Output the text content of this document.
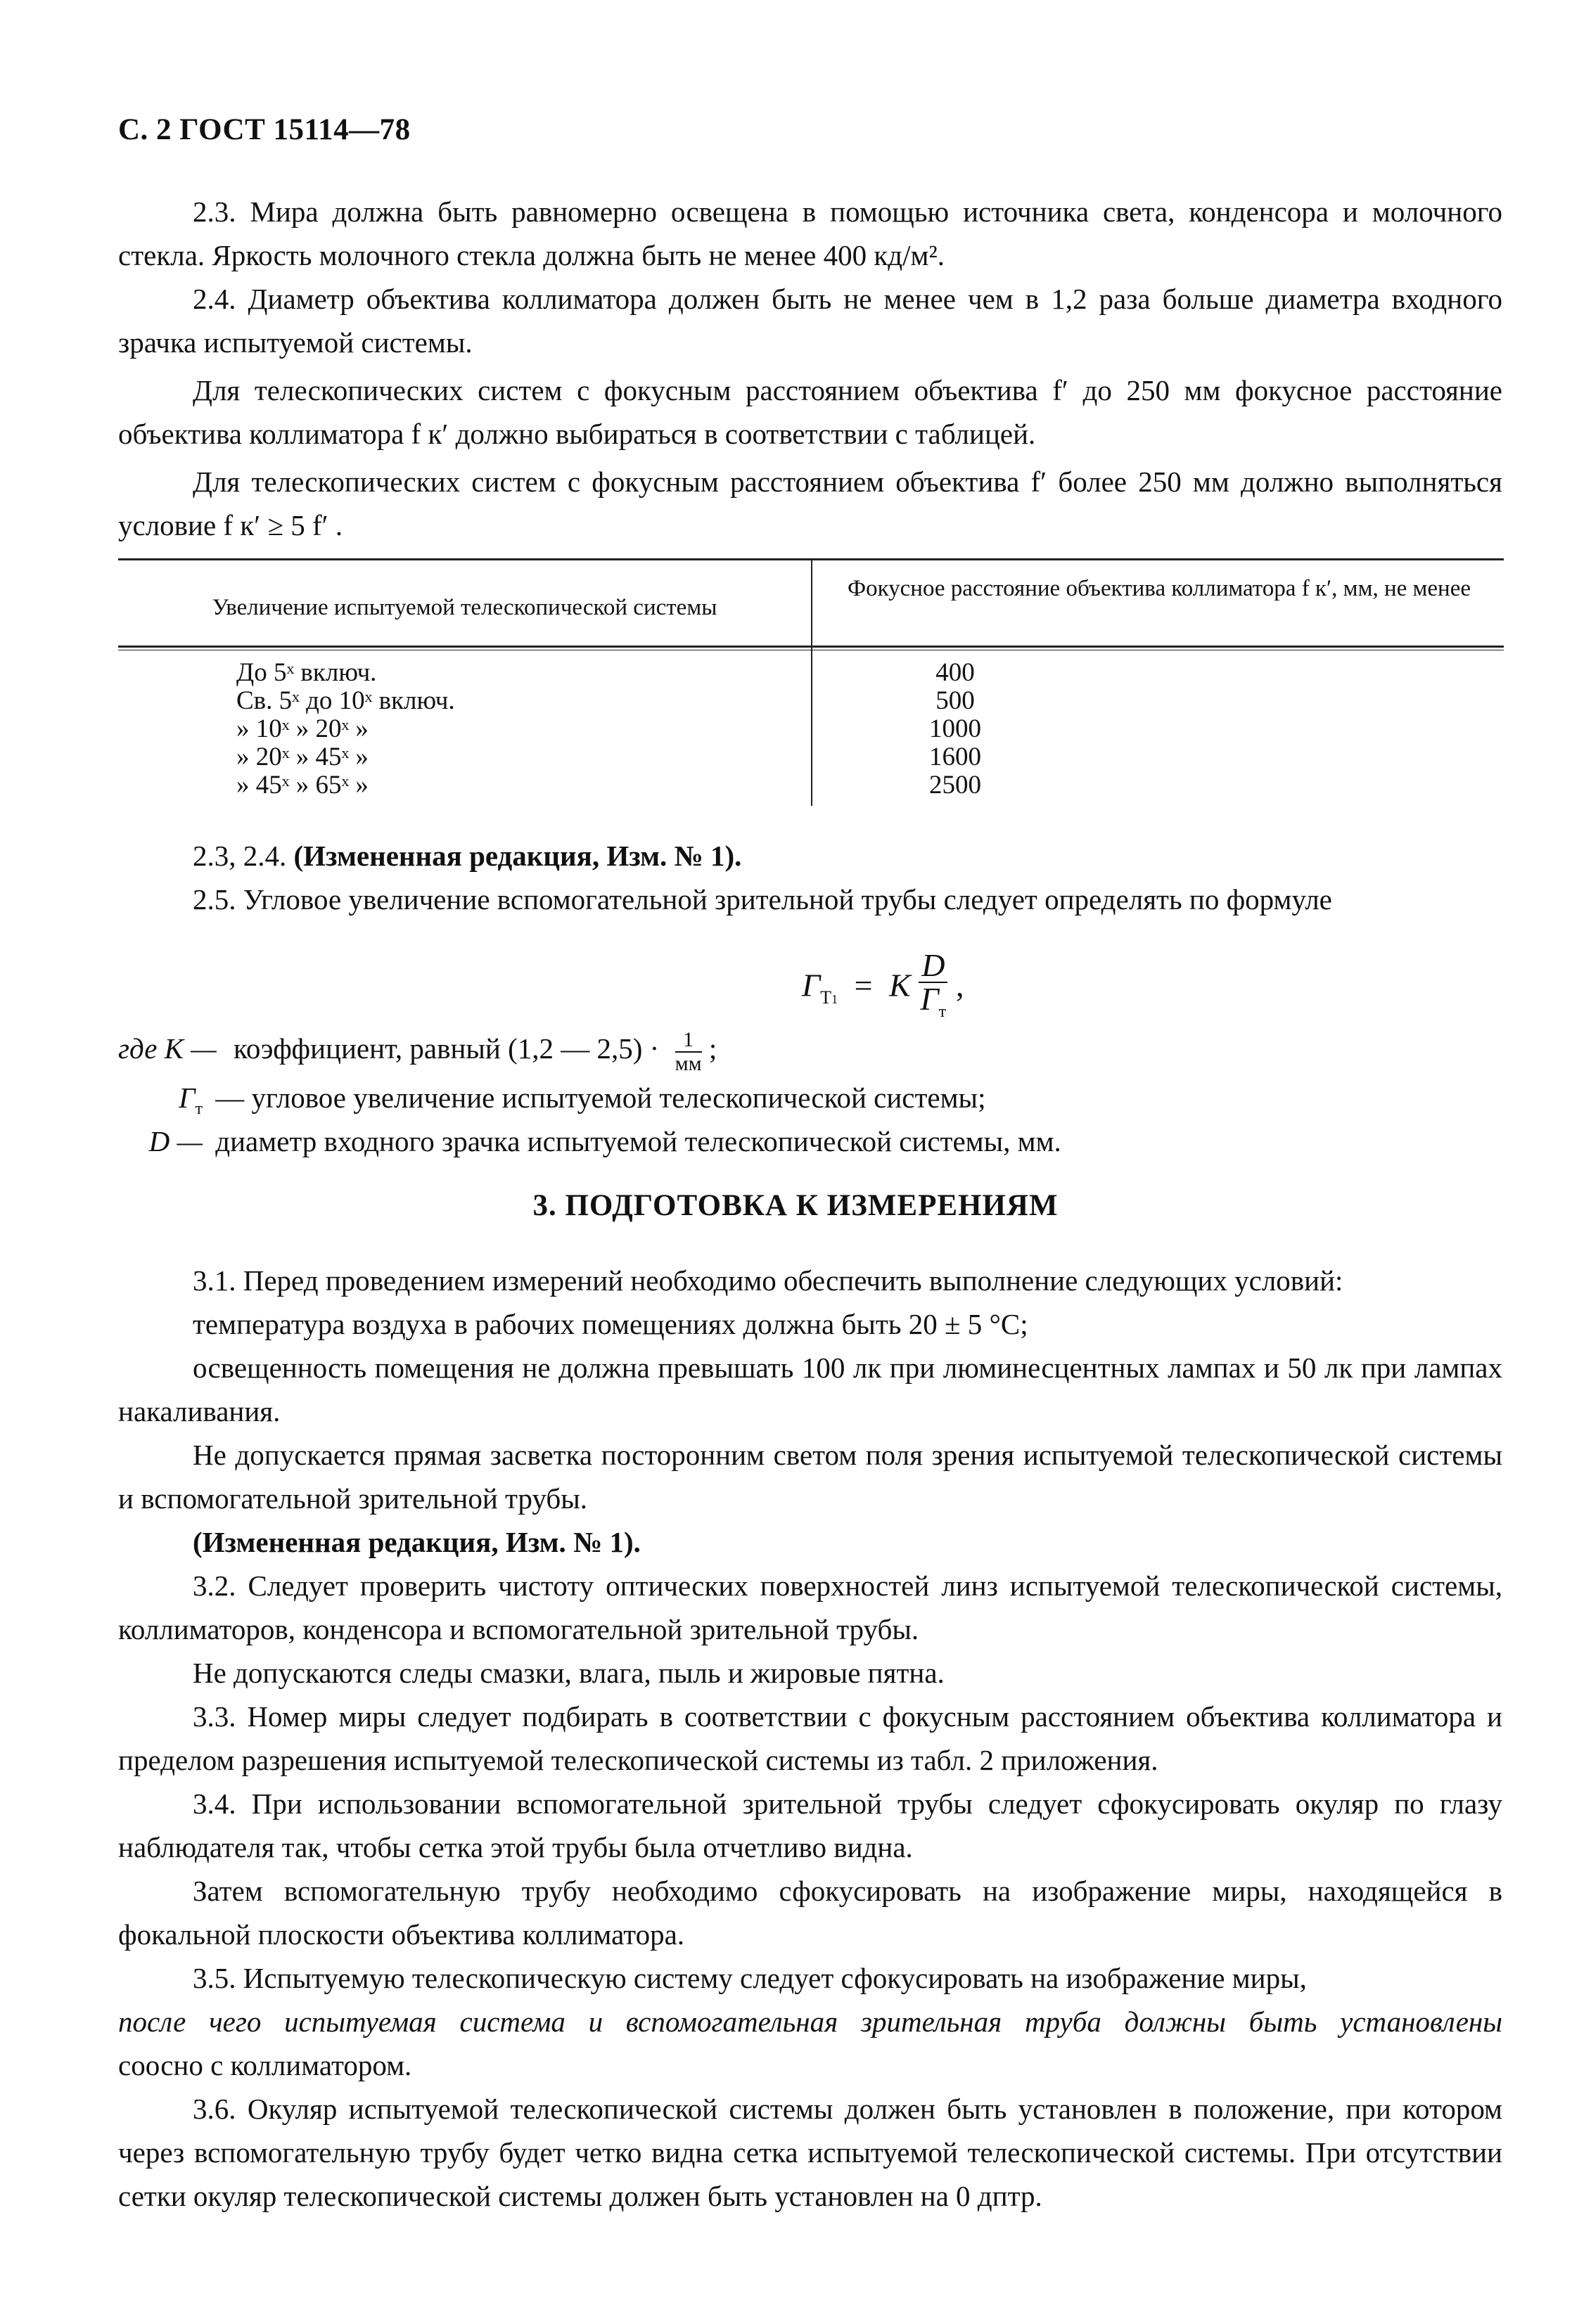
С. 2 ГОСТ 15114—78

2.3. Мира должна быть равномерно освещена в помощью источника света, конденсора и молочного стекла. Яркость молочного стекла должна быть не менее 400 кд/м².

2.4. Диаметр объектива коллиматора должен быть не менее чем в 1,2 раза больше диаметра входного зрачка испытуемой системы.

Для телескопических систем с фокусным расстоянием объектива f′ до 250 мм фокусное расстояние объектива коллиматора f к′ должно выбираться в соответствии с таблицей.

Для телескопических систем с фокусным расстоянием объектива f′ более 250 мм должно выполняться условие f к′ ≥ 5 f′ .

Увеличение испытуемой телескопической системы
Фокусное расстояние объектива коллиматора f к′, мм, не менее
До 5ˣ включ.
Св. 5ˣ до 10ˣ включ.
» 10ˣ » 20ˣ »
» 20ˣ » 45ˣ »
» 45ˣ » 65ˣ »
400
500
1000
1600
2500

2.3, 2.4. (Измененная редакция, Изм. № 1).

2.5. Угловое увеличение вспомогательной зрительной трубы следует определять по формуле

$Г_{Т1} = K \frac{D}{Г_т}$ ,
где K — коэффициент, равный (1,2 — $2,5) \cdot \frac{1}{мм}$ ;
$Г_т$ — угловое увеличение испытуемой телескопической системы;
D — диаметр входного зрачка испытуемой телескопической системы, мм.
3. ПОДГОТОВКА К ИЗМЕРЕНИЯМ

3.1. Перед проведением измерений необходимо обеспечить выполнение следующих условий:

температура воздуха в рабочих помещениях должна быть 20 ± 5 °С;

освещенность помещения не должна превышать 100 лк при люминесцентных лампах и 50 лк при лампах накаливания.

Не допускается прямая засветка посторонним светом поля зрения испытуемой телескопической системы и вспомогательной зрительной трубы.

(Измененная редакция, Изм. № 1).

3.2. Следует проверить чистоту оптических поверхностей линз испытуемой телескопической системы, коллиматоров, конденсора и вспомогательной зрительной трубы.

Не допускаются следы смазки, влага, пыль и жировые пятна.

3.3. Номер миры следует подбирать в соответствии с фокусным расстоянием объектива коллиматора и пределом разрешения испытуемой телескопической системы из табл. 2 приложения.

3.4. При использовании вспомогательной зрительной трубы следует сфокусировать окуляр по глазу наблюдателя так, чтобы сетка этой трубы была отчетливо видна.

Затем вспомогательную трубу необходимо сфокусировать на изображение миры, находящейся в фокальной плоскости объектива коллиматора.

3.5. Испытуемую телескопическую систему следует сфокусировать на изображение миры,

после чего испытуемая система и вспомогательная зрительная труба должны быть установлены

соосно с коллиматором.

3.6. Окуляр испытуемой телескопической системы должен быть установлен в положение, при котором через вспомогательную трубу будет четко видна сетка испытуемой телескопической системы. При отсутствии сетки окуляр телескопической системы должен быть установлен на 0 дптр.
